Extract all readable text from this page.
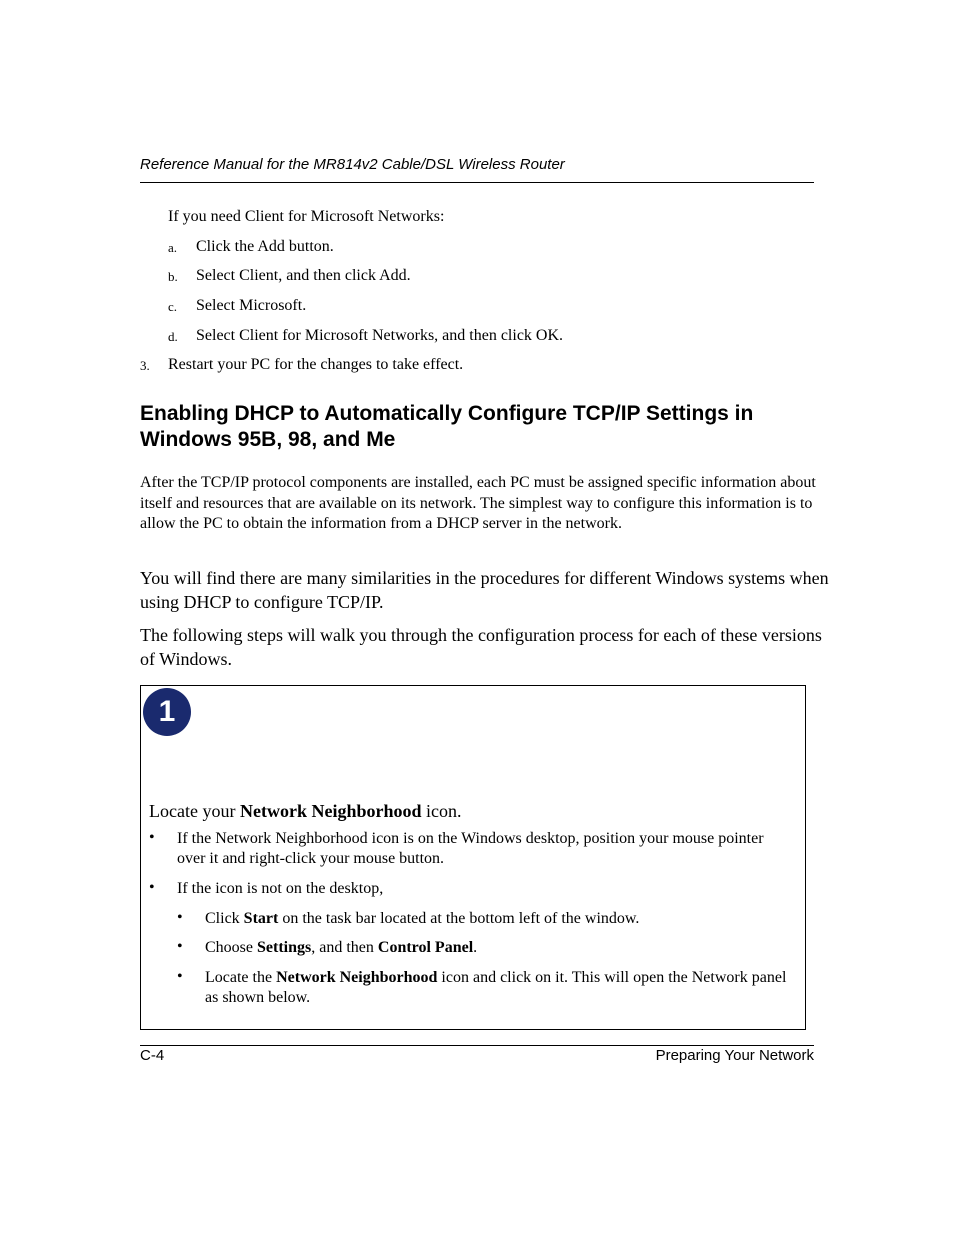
Reference Manual for the MR814v2 Cable/DSL Wireless Router
If you need Client for Microsoft Networks:
a. Click the Add button.
b. Select Client, and then click Add.
c. Select Microsoft.
d. Select Client for Microsoft Networks, and then click OK.
3. Restart your PC for the changes to take effect.
Enabling DHCP to Automatically Configure TCP/IP Settings in
Windows 95B, 98, and Me
After the TCP/IP protocol components are installed, each PC must be assigned specific information about itself and resources that are available on its network. The simplest way to configure this information is to allow the PC to obtain the information from a DHCP server in the network.
You will find there are many similarities in the procedures for different Windows systems when using DHCP to configure TCP/IP.
The following steps will walk you through the configuration process for each of these versions of Windows.
1
Locate your Network Neighborhood icon.
• If the Network Neighborhood icon is on the Windows desktop, position your mouse pointer over it and right-click your mouse button.
• If the icon is not on the desktop,
• Click Start on the task bar located at the bottom left of the window.
• Choose Settings, and then Control Panel.
• Locate the Network Neighborhood icon and click on it. This will open the Network panel as shown below.
C-4	Preparing Your Network
